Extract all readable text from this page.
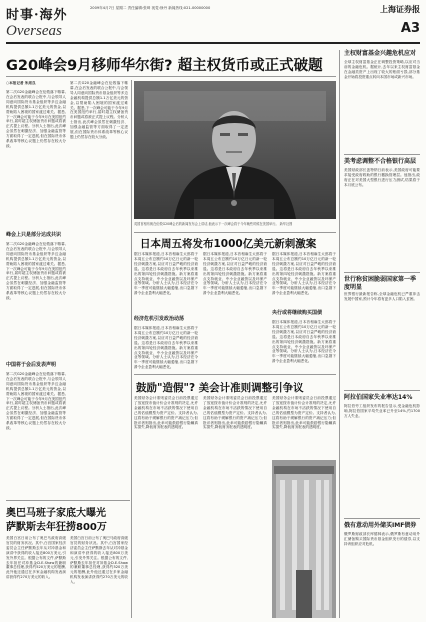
时事·海外
Overseas
2009年4月7日 星期二 责任编辑:张琦 视觉:徐丹 新闻热线:021-00000000	上海证券报
A3
G20峰会9月移师华尔街? 超主权货币或正式破题
○本报记者 朱周良
第二次G20金融峰会在伦敦落下帷幕,在会后发表的联合公报中,与会领导人同意向国际货币基金组织等多边金融机构提供总额1.1万亿美元的资金,以帮助陷入困境的国家渡过难关。据悉,下一次峰会可能于今年9月在美国纽约举行,届时超主权储备货币问题或将被正式提上议程。分析人士指出,此次峰会虽然在刺激经济、加强金融监管等方面取得了一定进展,但在国际货币体系改革等核心议题上仍然存在较大分歧。
峰会上只是部分达成共识
第二次G20金融峰会在伦敦落下帷幕,在会后发表的联合公报中,与会领导人同意向国际货币基金组织等多边金融机构提供总额1.1万亿美元的资金,以帮助陷入困境的国家渡过难关。据悉,下一次峰会可能于今年9月在美国纽约举行,届时超主权储备货币问题或将被正式提上议程。分析人士指出,此次峰会虽然在刺激经济、加强金融监管等方面取得了一定进展,但在国际货币体系改革等核心议题上仍然存在较大分歧。
中国将于会后发表声明
第二次G20金融峰会在伦敦落下帷幕,在会后发表的联合公报中,与会领导人同意向国际货币基金组织等多边金融机构提供总额1.1万亿美元的资金,以帮助陷入困境的国家渡过难关。据悉,下一次峰会可能于今年9月在美国纽约举行,届时超主权储备货币问题或将被正式提上议程。分析人士指出,此次峰会虽然在刺激经济、加强金融监管等方面取得了一定进展,但在国际货币体系改革等核心议题上仍然存在较大分歧。
第二次G20金融峰会在伦敦落下帷幕,在会后发表的联合公报中,与会领导人同意向国际货币基金组织等多边金融机构提供总额1.1万亿美元的资金,以帮助陷入困境的国家渡过难关。据悉,下一次峰会可能于今年9月在美国纽约举行,届时超主权储备货币问题或将被正式提上议程。分析人士指出,此次峰会虽然在刺激经济、加强金融监管等方面取得了一定进展,但在国际货币体系改革等核心议题上仍然存在较大分歧。
英国首相布朗在伦敦G20峰会后的新闻发布会上讲话,他表示下一次峰会将于今年晚些时候在美国举行。 新华社图
日本周五将发布1000亿美元新刺激案
据日本媒体报道,日本首相麻生太郎将于本周五公布总额约10万亿日元的新一轮经济刺激方案,以应对日益严峻的经济衰退。这将是日本政府自去年秋季以来推出的第四轮经济刺激措施。新方案将重点支持就业、中小企业融资以及环保产业等领域。分析人士认为,日本经济在今年一季度可能继续大幅萎缩,出口急剧下滑令企业盈利大幅恶化。
经济危机引发政治动荡
据日本媒体报道,日本首相麻生太郎将于本周五公布总额约10万亿日元的新一轮经济刺激方案,以应对日益严峻的经济衰退。这将是日本政府自去年秋季以来推出的第四轮经济刺激措施。新方案将重点支持就业、中小企业融资以及环保产业等领域。分析人士认为,日本经济在今年一季度可能继续大幅萎缩,出口急剧下滑令企业盈利大幅恶化。
据日本媒体报道,日本首相麻生太郎将于本周五公布总额约10万亿日元的新一轮经济刺激方案,以应对日益严峻的经济衰退。这将是日本政府自去年秋季以来推出的第四轮经济刺激措施。新方案将重点支持就业、中小企业融资以及环保产业等领域。分析人士认为,日本经济在今年一季度可能继续大幅萎缩,出口急剧下滑令企业盈利大幅恶化。
据日本媒体报道,日本首相麻生太郎将于本周五公布总额约10万亿日元的新一轮经济刺激方案,以应对日益严峻的经济衰退。这将是日本政府自去年秋季以来推出的第四轮经济刺激措施。新方案将重点支持就业、中小企业融资以及环保产业等领域。分析人士认为,日本经济在今年一季度可能继续大幅萎缩,出口急剧下滑令企业盈利大幅恶化。
央行或将继续购买国债
据日本媒体报道,日本首相麻生太郎将于本周五公布总额约10万亿日元的新一轮经济刺激方案,以应对日益严峻的经济衰退。这将是日本政府自去年秋季以来推出的第四轮经济刺激措施。新方案将重点支持就业、中小企业融资以及环保产业等领域。分析人士认为,日本经济在今年一季度可能继续大幅萎缩,出口急剧下滑令企业盈利大幅恶化。
鼓励"造假"? 美会计准则调整引争议
美国财务会计准则委员会日前投票通过了放宽按市值计价会计准则的决定,允许金融机构在市场不活跃的情况下使用自己的估值模型为资产定价。支持者认为,这将有助于缓解银行的资产减记压力;但批评者则指出,此举可能鼓励银行隐瞒真实损失,降低财务报表的透明度。
美国财务会计准则委员会日前投票通过了放宽按市值计价会计准则的决定,允许金融机构在市场不活跃的情况下使用自己的估值模型为资产定价。支持者认为,这将有助于缓解银行的资产减记压力;但批评者则指出,此举可能鼓励银行隐瞒真实损失,降低财务报表的透明度。
美国财务会计准则委员会日前投票通过了放宽按市值计价会计准则的决定,允许金融机构在市场不活跃的情况下使用自己的估值模型为资产定价。支持者认为,这将有助于缓解银行的资产减记压力;但批评者则指出,此举可能鼓励银行隐瞒真实损失,降低财务报表的透明度。
奥巴马班子家底大曝光
萨默斯去年狂捞800万
美国白宫日前公布了奥巴马政府高级官员的财务状况。其中,白宫国家经济委员会主任萨默斯去年从对冲基金和演讲中获得的收入接近800万美元,引发外界关注。根据公布的文件,萨默斯去年担任对冲基金D.E.Shaw的兼职董事总经理,获得约520万美元的报酬,此外他还通过在多家金融机构发表演讲获得约270万美元的收入。
美国白宫日前公布了奥巴马政府高级官员的财务状况。其中,白宫国家经济委员会主任萨默斯去年从对冲基金和演讲中获得的收入接近800万美元,引发外界关注。根据公布的文件,萨默斯去年担任对冲基金D.E.Shaw的兼职董事总经理,获得约520万美元的报酬,此外他还通过在多家金融机构发表演讲获得约270万美元的收入。
主权财富基金兴趣危机应对
全球主权财富基金正在调整投资策略,以应对当前的金融危机。据统计,去年以来主权财富基金在金融类资产上出现了较大的账面亏损,部分基金开始将投资重点转向本国市场或新兴市场。
美考虑调整不合格银行高层
美国财政部长盖特纳日前表示,美国政府可能要求接受政府救助的银行撤换管理层。他指出,政府正在对美国大型银行进行压力测试,结果将于本月底公布。
世行称贫困脆弱国家第一季度明显
世界银行最新报告称,全球金融危机已严重冲击发展中国家,预计今年将有更多人口陷入贫困。
阿拉伯国家失业率达14%
阿拉伯劳工组织发布的报告显示,受金融危机影响,阿拉伯国家平均失业率已升至14%,约1700万人失业。
俄有意动用外储买IMF债券
俄罗斯财政部长库德林表示,俄罗斯有意动用外汇储备购买国际货币基金组织发行的债券,以支持该组织应对危机。
